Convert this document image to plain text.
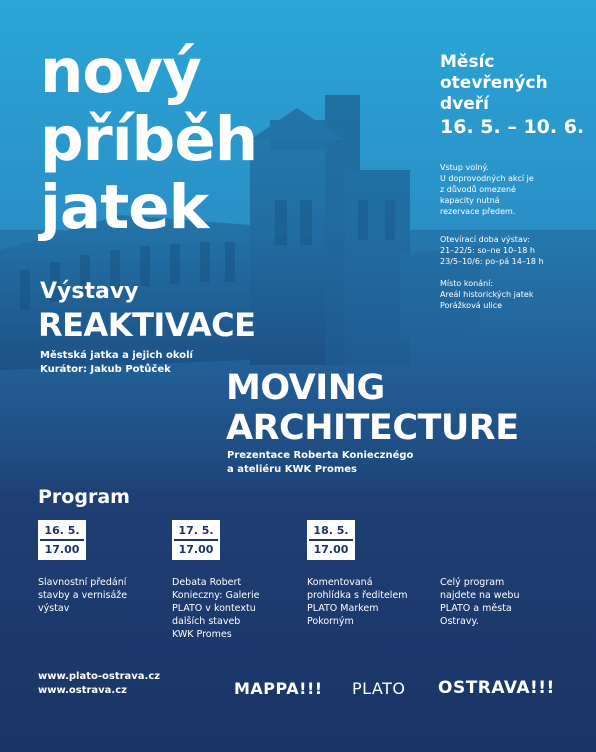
nový
příběh
jatek
Měsíc
otevřených
dveří
16. 5. – 10. 6.
Vstup volný.
U doprovodných akcí je
z důvodů omezené
kapacity nutná
rezervace předem.
Otevírací doba výstav:
21–22/5: so–ne 10–18 h
23/5–10/6: po–pá 14–18 h
Místo konání:
Areál historických jatek
Porážková ulice
Výstavy
REAKTIVACE
Městská jatka a jejich okolí
Kurátor: Jakub Potůček	MOVING
ARCHITECTURE
Prezentace Roberta Koniecznégo
a ateliéru KWK Promes
Program
16. 5.
17.00
Slavnostní předání
stavby a vernisáže
výstav
17. 5.
17.00
Debata Robert
Konieczny: Galerie
PLATO v kontextu
dalších staveb
KWK Promes
18. 5.
17.00
Komentovaná
prohlídka s ředitelem
PLATO Markem
Pokorným
Celý program
najdete na webu
PLATO a města
Ostravy.
www.plato-ostrava.cz
www.ostrava.cz	MAPPA!!! PLATO OSTRAVA!!!
